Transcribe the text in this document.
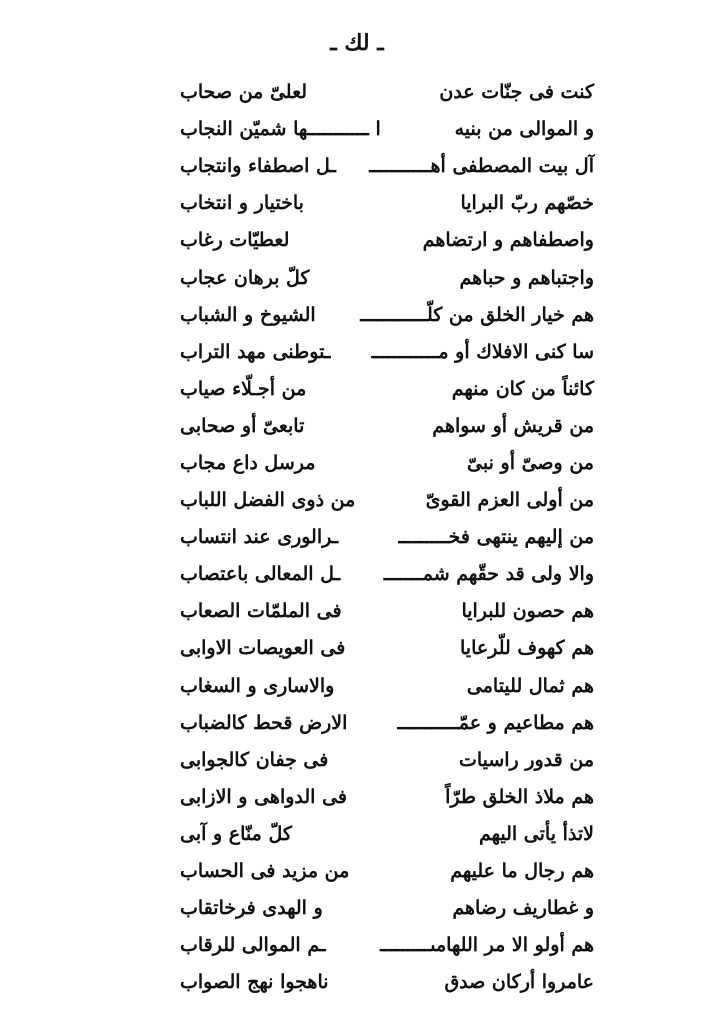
ـ لك ـ
كنت فى جنّات عدن
لعلىّ من صحاب
و الموالى من بنيه
ا ـــــــــــها شميّن النجاب
آل بيت المصطفى أهـــــــــــ
ـل اصطفاء وانتجاب
خصّهم ربّ البرايا
باختيار و انتخاب
واصطفاهم و ارتضاهم
لعطيّات رغاب
واجتباهم و حباهم
كلّ برهان عجاب
هم خيار الخلق من كلّــــــــــــ
الشيوخ و الشباب
سا كنى الافلاك أو مــــــــــــ
ـتوطنى مهد التراب
كائناً من كان منهم
من أجـلّاء صياب
من قريش أو سواهم
تابعىّ أو صحابى
من وصىّ أو نبىّ
مرسل داع مجاب
من أولى العزم القوىّ
من ذوى الفضل اللباب
من إليهم ينتهى فخـــــــــ
ـرالورى عند انتساب
والا ولى قد حقّهم شمـــــــ
ـل المعالى باعتصاب
هم حصون للبرايا
فى الملمّات الصعاب
هم كهوف للّرعايا
فى العويصات الاوابى
هم ثمال لليتامى
والاسارى و السغاب
هم مطاعيم و عمّـــــــــــ
الارض قحط كالضباب
من قدور راسيات
فى جفان كالجوابى
هم ملاذ الخلق طرّاً
فى الدواهى و الازابى
لاتذأ يأتى اليهم
كلّ منّاع و آبى
هم رجال ما عليهم
من مزيد فى الحساب
و غطاريف رضاهم
و الهدى فرخاتقاب
هم أولو الا مر اللهامىـــــــــ
ـم الموالى للرقاب
عامروا أركان صدق
ناهجوا نهج الصواب
